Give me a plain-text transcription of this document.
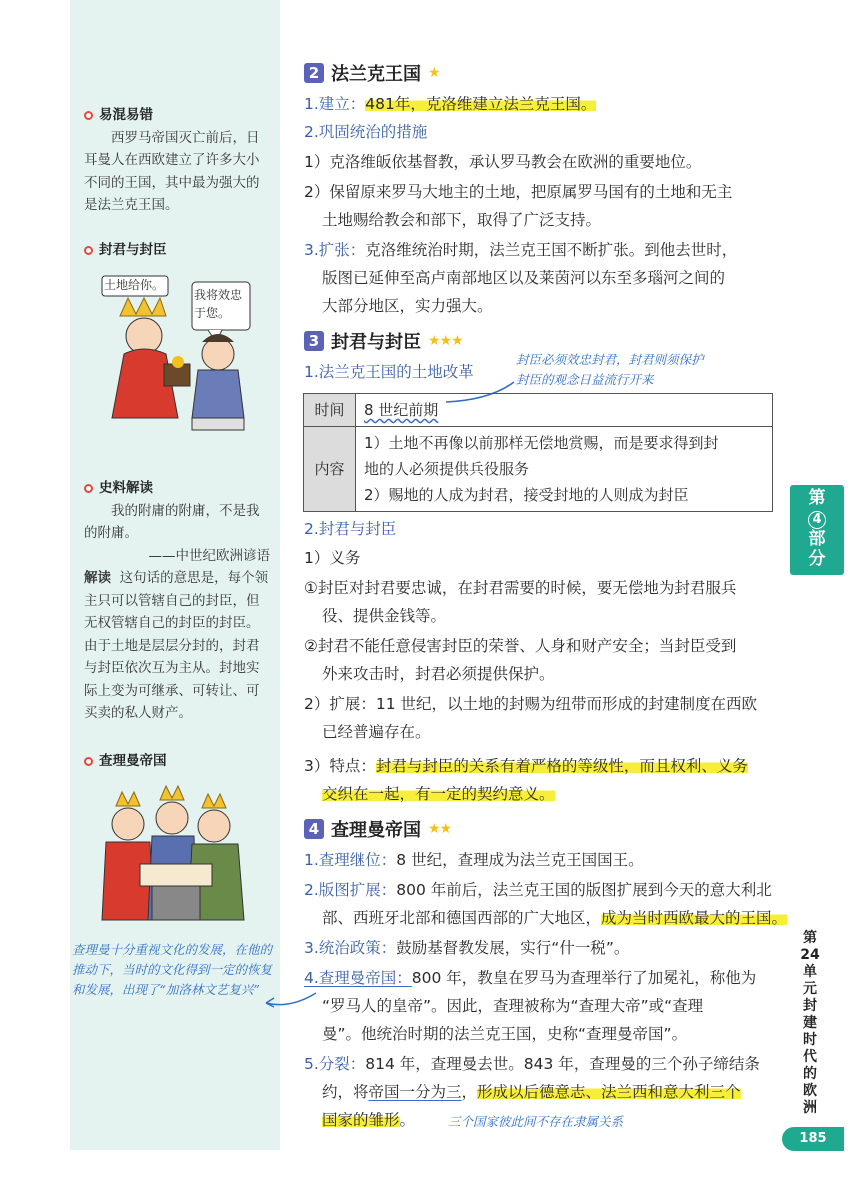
易混易错

西罗马帝国灭亡前后，日耳曼人在西欧建立了许多大小不同的王国，其中最为强大的是法兰克王国。

封君与封臣
土地给你。
我将效忠于您。
史料解读

我的附庸的附庸，不是我的附庸。

——中世纪欧洲谚语
解读 这句话的意思是，每个领主只可以管辖自己的封臣，但无权管辖自己的封臣的封臣。由于土地是层层分封的，封君与封臣依次互为主从。封地实际上变为可继承、可转让、可买卖的私人财产。
查理曼帝国
查理曼十分重视文化的发展，在他的推动下，当时的文化得到一定的恢复和发展，出现了“加洛林文艺复兴”
2 法兰克王国 ★
1.建立：481年，克洛维建立法兰克王国。
2.巩固统治的措施
1）克洛维皈依基督教，承认罗马教会在欧洲的重要地位。
2）保留原来罗马大地主的土地，把原属罗马国有的土地和无主
土地赐给教会和部下，取得了广泛支持。
3.扩张：克洛维统治时期，法兰克王国不断扩张。到他去世时，
版图已延伸至高卢南部地区以及莱茵河以东至多瑙河之间的
大部分地区，实力强大。
3 封君与封臣 ★★★
1.法兰克王国的土地改革
封臣必须效忠封君，封君则须保护
封臣的观念日益流行开来
时间	8 世纪前期
内容	1）土地不再像以前那样无偿地赏赐，而是要求得到封
地的人必须提供兵役服务
2）赐地的人成为封君，接受封地的人则成为封臣
2.封君与封臣
1）义务
①封臣对封君要忠诚，在封君需要的时候，要无偿地为封君服兵
役、提供金钱等。
②封君不能任意侵害封臣的荣誉、人身和财产安全；当封臣受到
外来攻击时，封君必须提供保护。
2）扩展：11 世纪，以土地的封赐为纽带而形成的封建制度在西欧
已经普遍存在。
3）特点：封君与封臣的关系有着严格的等级性，而且权利、义务
交织在一起，有一定的契约意义。
4 查理曼帝国 ★★
1.查理继位：8 世纪，查理成为法兰克王国国王。
2.版图扩展：800 年前后，法兰克王国的版图扩展到今天的意大利北
部、西班牙北部和德国西部的广大地区，成为当时西欧最大的王国。
3.统治政策：鼓励基督教发展，实行“什一税”。
4.查理曼帝国：800 年，教皇在罗马为查理举行了加冕礼，称他为
“罗马人的皇帝”。因此，查理被称为“查理大帝”或“查理
曼”。他统治时期的法兰克王国，史称“查理曼帝国”。
5.分裂：814 年，查理曼去世。843 年，查理曼的三个孙子缔结条
约，将帝国一分为三，形成以后德意志、法兰西和意大利三个
国家的雏形。	三个国家彼此间不存在隶属关系
第
4
部
分
第24单元 封建时代的欧洲
185
